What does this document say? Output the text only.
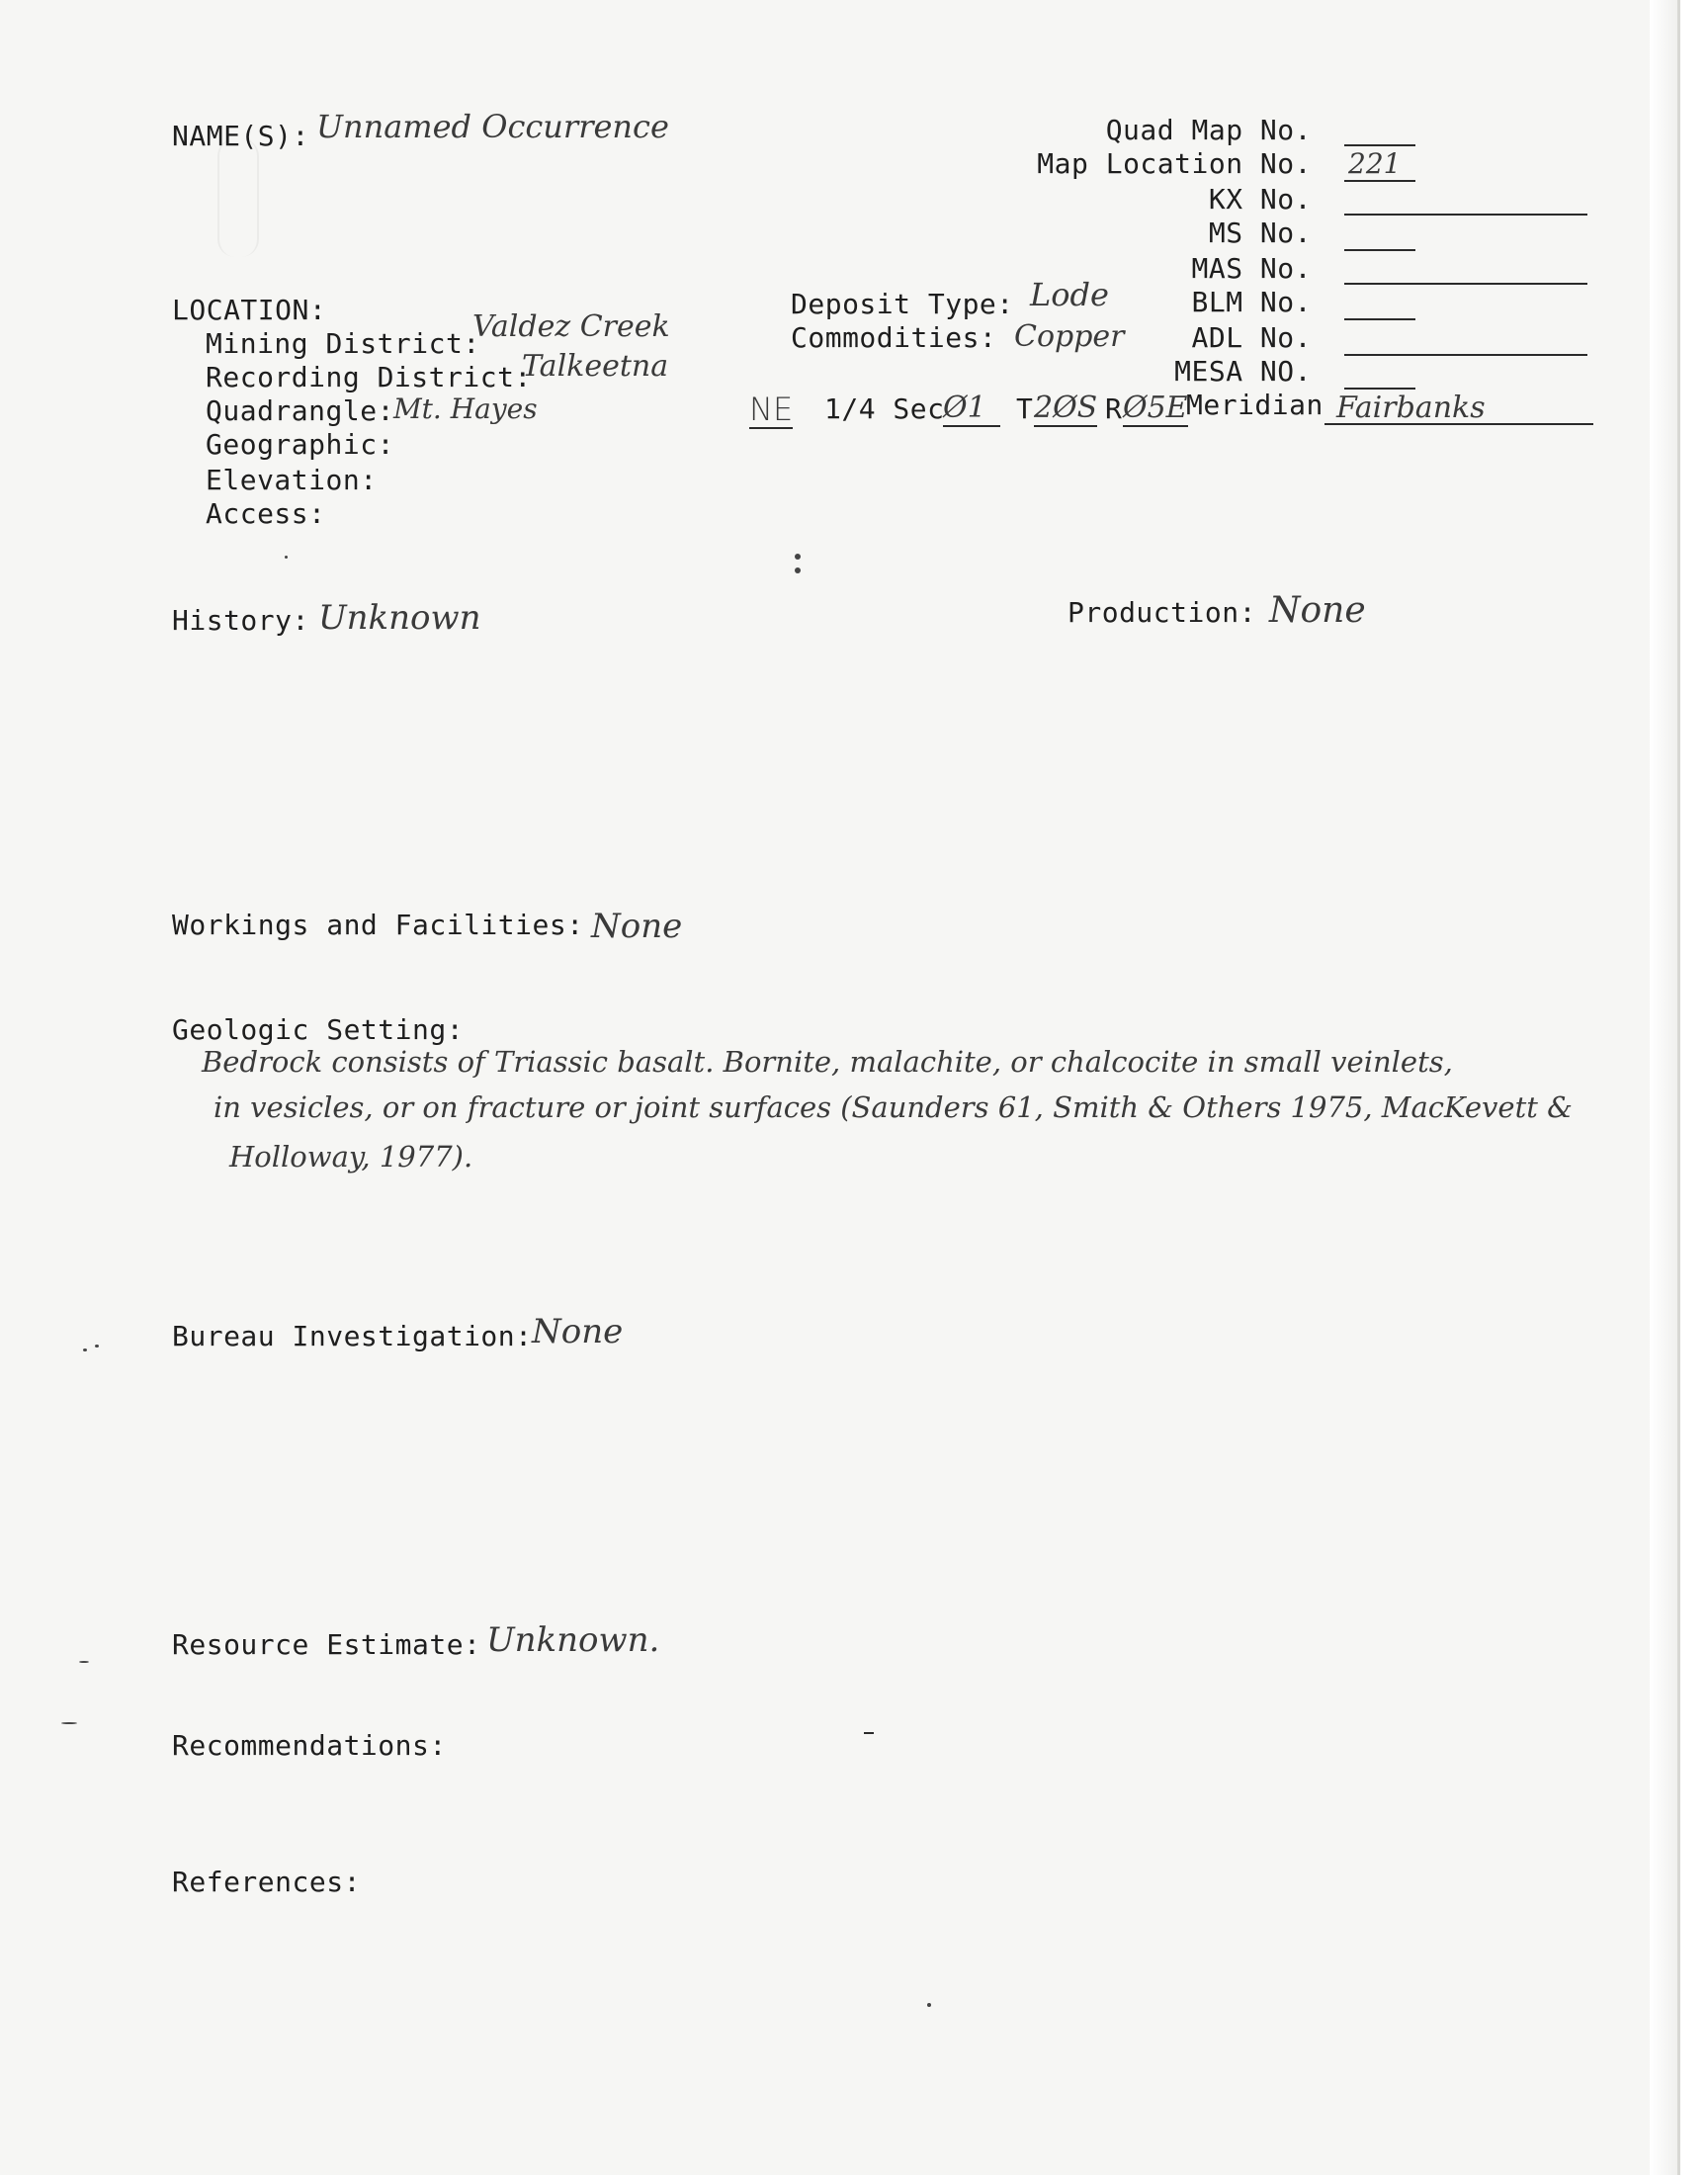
NAME(S): Unnamed Occurrence	Quad Map No.
Map Location No. 221
KX No.
MS No.
MAS No.
BLM No.
ADL No.
MESA NO.
LOCATION:
Mining District:
Valdez Creek
Recording District:
Talkeetna
Quadrangle: Mt. Hayes
Geographic:
Elevation:
Access:
Deposit Type: Lode
Commodities: Copper
NE 1/4 Sec
Ø1	T 2ØS R Ø5E
Meridian Fairbanks
History: Unknown	Production: None
Workings and Facilities: None
Geologic Setting:
Bedrock consists of Triassic basalt. Bornite, malachite, or chalcocite in small veinlets,
in vesicles, or on fracture or joint surfaces (Saunders 61, Smith & Others 1975, MacKevett &
Holloway, 1977).
Bureau Investigation: None
Resource Estimate: Unknown.
Recommendations:
References:
